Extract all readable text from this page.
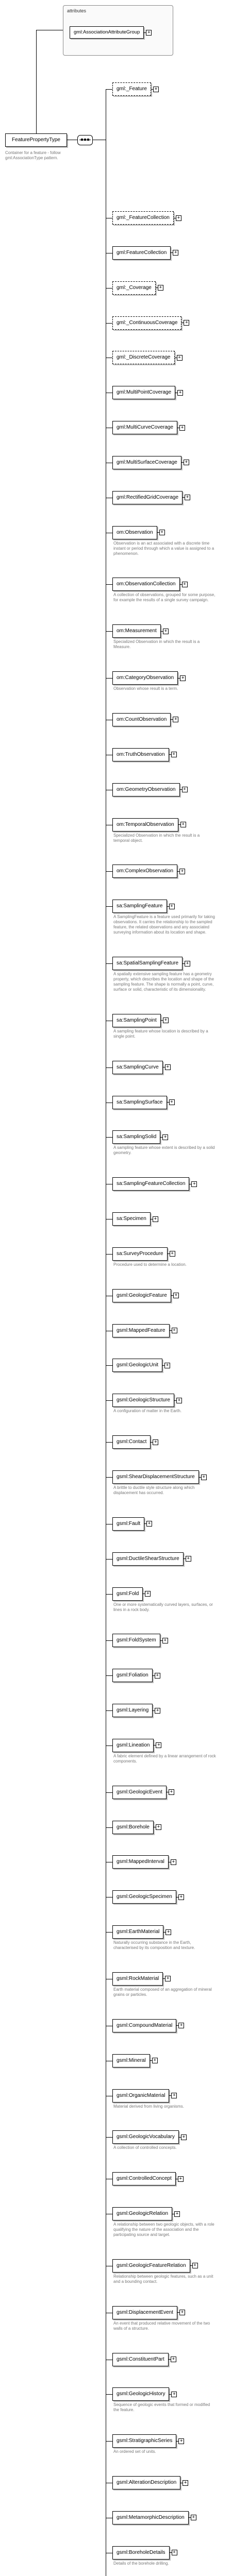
attributes
gml:AssociationAttributeGroup	+
FeaturePropertyType
Container for a feature - follow gml:AssociationType pattern.
gml:_Feature	+
gml:_FeatureCollection	+
gml:FeatureCollection	+
gml:_Coverage	+
gml:_ContinuousCoverage	+
gml:_DiscreteCoverage	+
gml:MultiPointCoverage	+
gml:MultiCurveCoverage	+
gml:MultiSurfaceCoverage	+
gml:RectifiedGridCoverage	+
om:Observation	+
Observation is an act associated with a discrete time instant or period through which a value is assigned to a phenomenon.
om:ObservationCollection	+
A collection of observations, grouped for some purpose, for example the results of a single survey campaign.
om:Measurement	+
Specialized Observation in which the result is a Measure.
om:CategoryObservation	+
Observation whose result is a term.
om:CountObservation	+
om:TruthObservation	+
om:GeometryObservation	+
om:TemporalObservation	+
Specialized Observation in which the result is a temporal object.
om:ComplexObservation	+
sa:SamplingFeature	+
A SamplingFeature is a feature used primarily for taking observations. It carries the relationship to the sampled feature, the related observations and any associated surveying information about its location and shape.
sa:SpatialSamplingFeature	+
A spatially extensive sampling feature has a geometry property, which describes the location and shape of the sampling feature. The shape is normally a point, curve, surface or solid, characteristic of its dimensionality.
sa:SamplingPoint	+
A sampling feature whose location is described by a single point.
sa:SamplingCurve	+
sa:SamplingSurface	+
sa:SamplingSolid	+
A sampling feature whose extent is described by a solid geometry.
sa:SamplingFeatureCollection	+
sa:Specimen	+
sa:SurveyProcedure	+
Procedure used to determine a location.
gsml:GeologicFeature	+
gsml:MappedFeature	+
gsml:GeologicUnit	+
gsml:GeologicStructure	+
A configuration of matter in the Earth.
gsml:Contact	+
gsml:ShearDisplacementStructure	+
A brittle to ductile style structure along which displacement has occurred.
gsml:Fault	+
gsml:DuctileShearStructure	+
gsml:Fold	+
One or more systematically curved layers, surfaces, or lines in a rock body.
gsml:FoldSystem	+
gsml:Foliation	+
gsml:Layering	+
gsml:Lineation	+
A fabric element defined by a linear arrangement of rock components.
gsml:GeologicEvent	+
gsml:Borehole	+
gsml:MappedInterval	+
gsml:GeologicSpecimen	+
gsml:EarthMaterial	+
Naturally occurring substance in the Earth, characterised by its composition and texture.
gsml:RockMaterial	+
Earth material composed of an aggregation of mineral grains or particles.
gsml:CompoundMaterial	+
gsml:Mineral	+
gsml:OrganicMaterial	+
Material derived from living organisms.
gsml:GeologicVocabulary	+
A collection of controlled concepts.
gsml:ControlledConcept	+
gsml:GeologicRelation	+
A relationship between two geologic objects, with a role qualifying the nature of the association and the participating source and target.
gsml:GeologicFeatureRelation	+
Relationship between geologic features, such as a unit and a bounding contact.
gsml:DisplacementEvent	+
An event that produced relative movement of the two walls of a structure.
gsml:ConstituentPart	+
gsml:GeologicHistory	+
Sequence of geologic events that formed or modified the feature.
gsml:StratigraphicSeries	+
An ordered set of units.
gsml:AlterationDescription	+
gsml:MetamorphicDescription	+
gsml:BoreholeDetails	+
Details of the borehole drilling.
